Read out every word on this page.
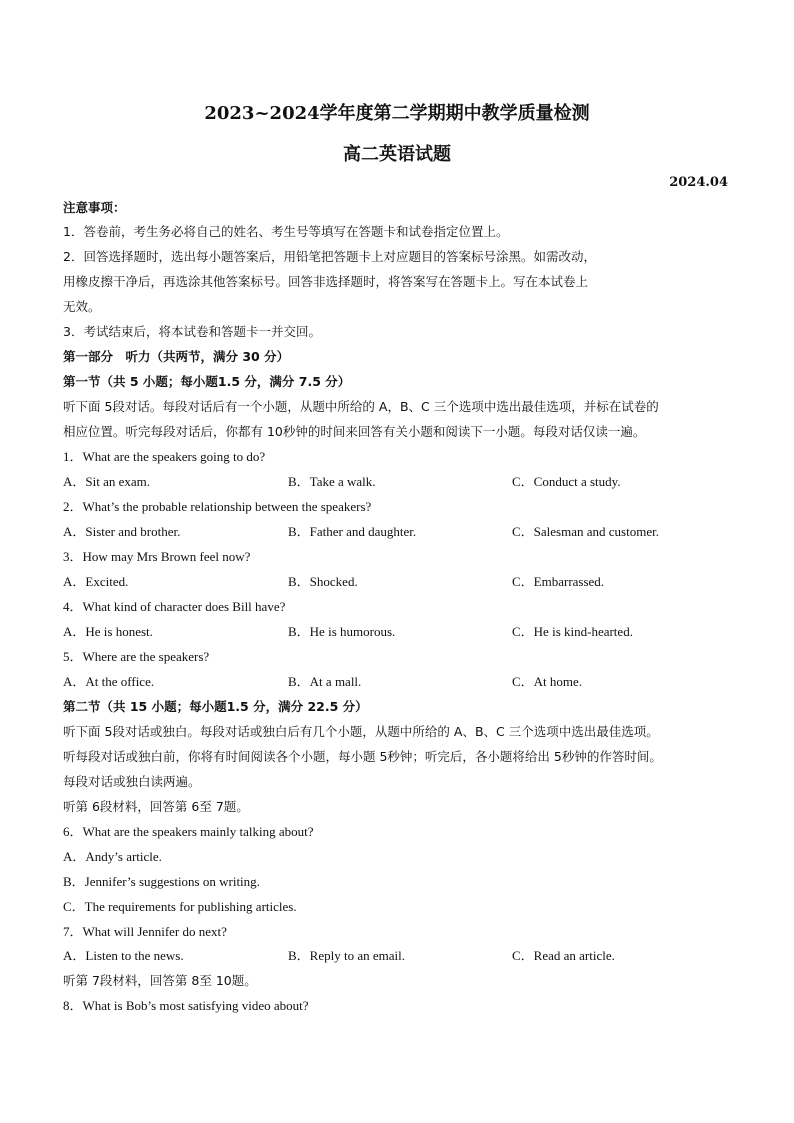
2023~2024学年度第二学期期中教学质量检测
高二英语试题
2024.04
注意事项：
1．答卷前，考生务必将自己的姓名、考生号等填写在答题卡和试卷指定位置上。
2．回答选择题时，选出每小题答案后，用铅笔把答题卡上对应题目的答案标号涂黑。如需改动，
用橡皮擦干净后，再选涂其他答案标号。回答非选择题时，将答案写在答题卡上。写在本试卷上
无效。
3．考试结束后，将本试卷和答题卡一并交回。
第一部分　听力（共两节，满分 30 分）
第一节（共 5 小题；每小题1.5 分，满分 7.5 分）
听下面 5段对话。每段对话后有一个小题，从题中所给的 A，B、C 三个选项中选出最佳选项，并标在试卷的
相应位置。听完每段对话后，你都有 10秒钟的时间来回答有关小题和阅读下一小题。每段对话仅读一遍。
1．What are the speakers going to do?
A．Sit an exam.	B．Take a walk.	C．Conduct a study.
2．What’s the probable relationship between the speakers?
A．Sister and brother.	B．Father and daughter.	C．Salesman and customer.
3．How may Mrs Brown feel now?
A．Excited.	B．Shocked.	C．Embarrassed.
4．What kind of character does Bill have?
A．He is honest.	B．He is humorous.	C．He is kind-hearted.
5．Where are the speakers?
A．At the office.	B．At a mall.	C．At home.
第二节（共 15 小题；每小题1.5 分，满分 22.5 分）
听下面 5段对话或独白。每段对话或独白后有几个小题，从题中所给的 A、B、C 三个选项中选出最佳选项。
听每段对话或独白前，你将有时间阅读各个小题，每小题 5秒钟；听完后，各小题将给出 5秒钟的作答时间。
每段对话或独白读两遍。
听第 6段材料，回答第 6至 7题。
6．What are the speakers mainly talking about?
A．Andy’s article.
B．Jennifer’s suggestions on writing.
C．The requirements for publishing articles.
7．What will Jennifer do next?
A．Listen to the news.	B．Reply to an email.	C．Read an article.
听第 7段材料，回答第 8至 10题。
8．What is Bob’s most satisfying video about?
